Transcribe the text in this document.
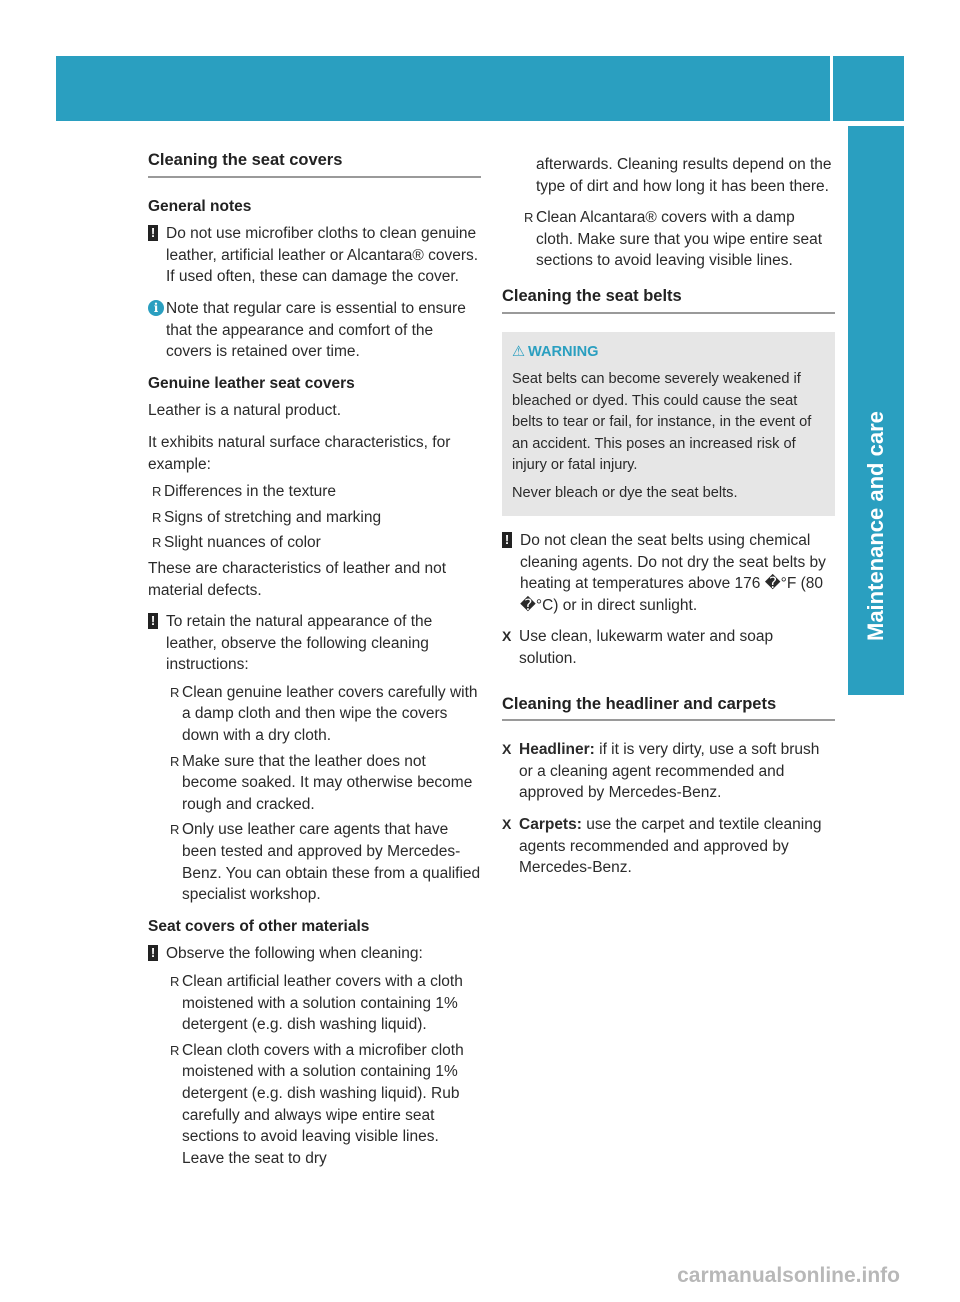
Care
291
Maintenance and care
Cleaning the seat covers
General notes
! Do not use microfiber cloths to clean genuine leather, artificial leather or Alcantara® covers. If used often, these can damage the cover.
i Note that regular care is essential to ensure that the appearance and comfort of the covers is retained over time.
Genuine leather seat covers

Leather is a natural product.

It exhibits natural surface characteristics, for example:

R Differences in the texture
R Signs of stretching and marking
R Slight nuances of color

These are characteristics of leather and not material defects.

! To retain the natural appearance of the leather, observe the following cleaning instructions:
R Clean genuine leather covers carefully with a damp cloth and then wipe the covers down with a dry cloth.
R Make sure that the leather does not become soaked. It may otherwise become rough and cracked.
R Only use leather care agents that have been tested and approved by Mercedes-Benz. You can obtain these from a qualified specialist workshop.
Seat covers of other materials
! Observe the following when cleaning:
R Clean artificial leather covers with a cloth moistened with a solution containing 1% detergent (e.g. dish washing liquid).
R Clean cloth covers with a microfiber cloth moistened with a solution containing 1% detergent (e.g. dish washing liquid). Rub carefully and always wipe entire seat sections to avoid leaving visible lines. Leave the seat to dry

afterwards. Cleaning results depend on the type of dirt and how long it has been there.

R Clean Alcantara® covers with a damp cloth. Make sure that you wipe entire seat sections to avoid leaving visible lines.
Cleaning the seat belts
⚠ WARNING

Seat belts can become severely weakened if bleached or dyed. This could cause the seat belts to tear or fail, for instance, in the event of an accident. This poses an increased risk of injury or fatal injury.

Never bleach or dye the seat belts.

! Do not clean the seat belts using chemical cleaning agents. Do not dry the seat belts by heating at temperatures above 176 �°F (80 �°C) or in direct sunlight.
X Use clean, lukewarm water and soap solution.
Cleaning the headliner and carpets
X Headliner: if it is very dirty, use a soft brush or a cleaning agent recommended and approved by Mercedes-Benz.
X Carpets: use the carpet and textile cleaning agents recommended and approved by Mercedes-Benz.
carmanualsonline.info
